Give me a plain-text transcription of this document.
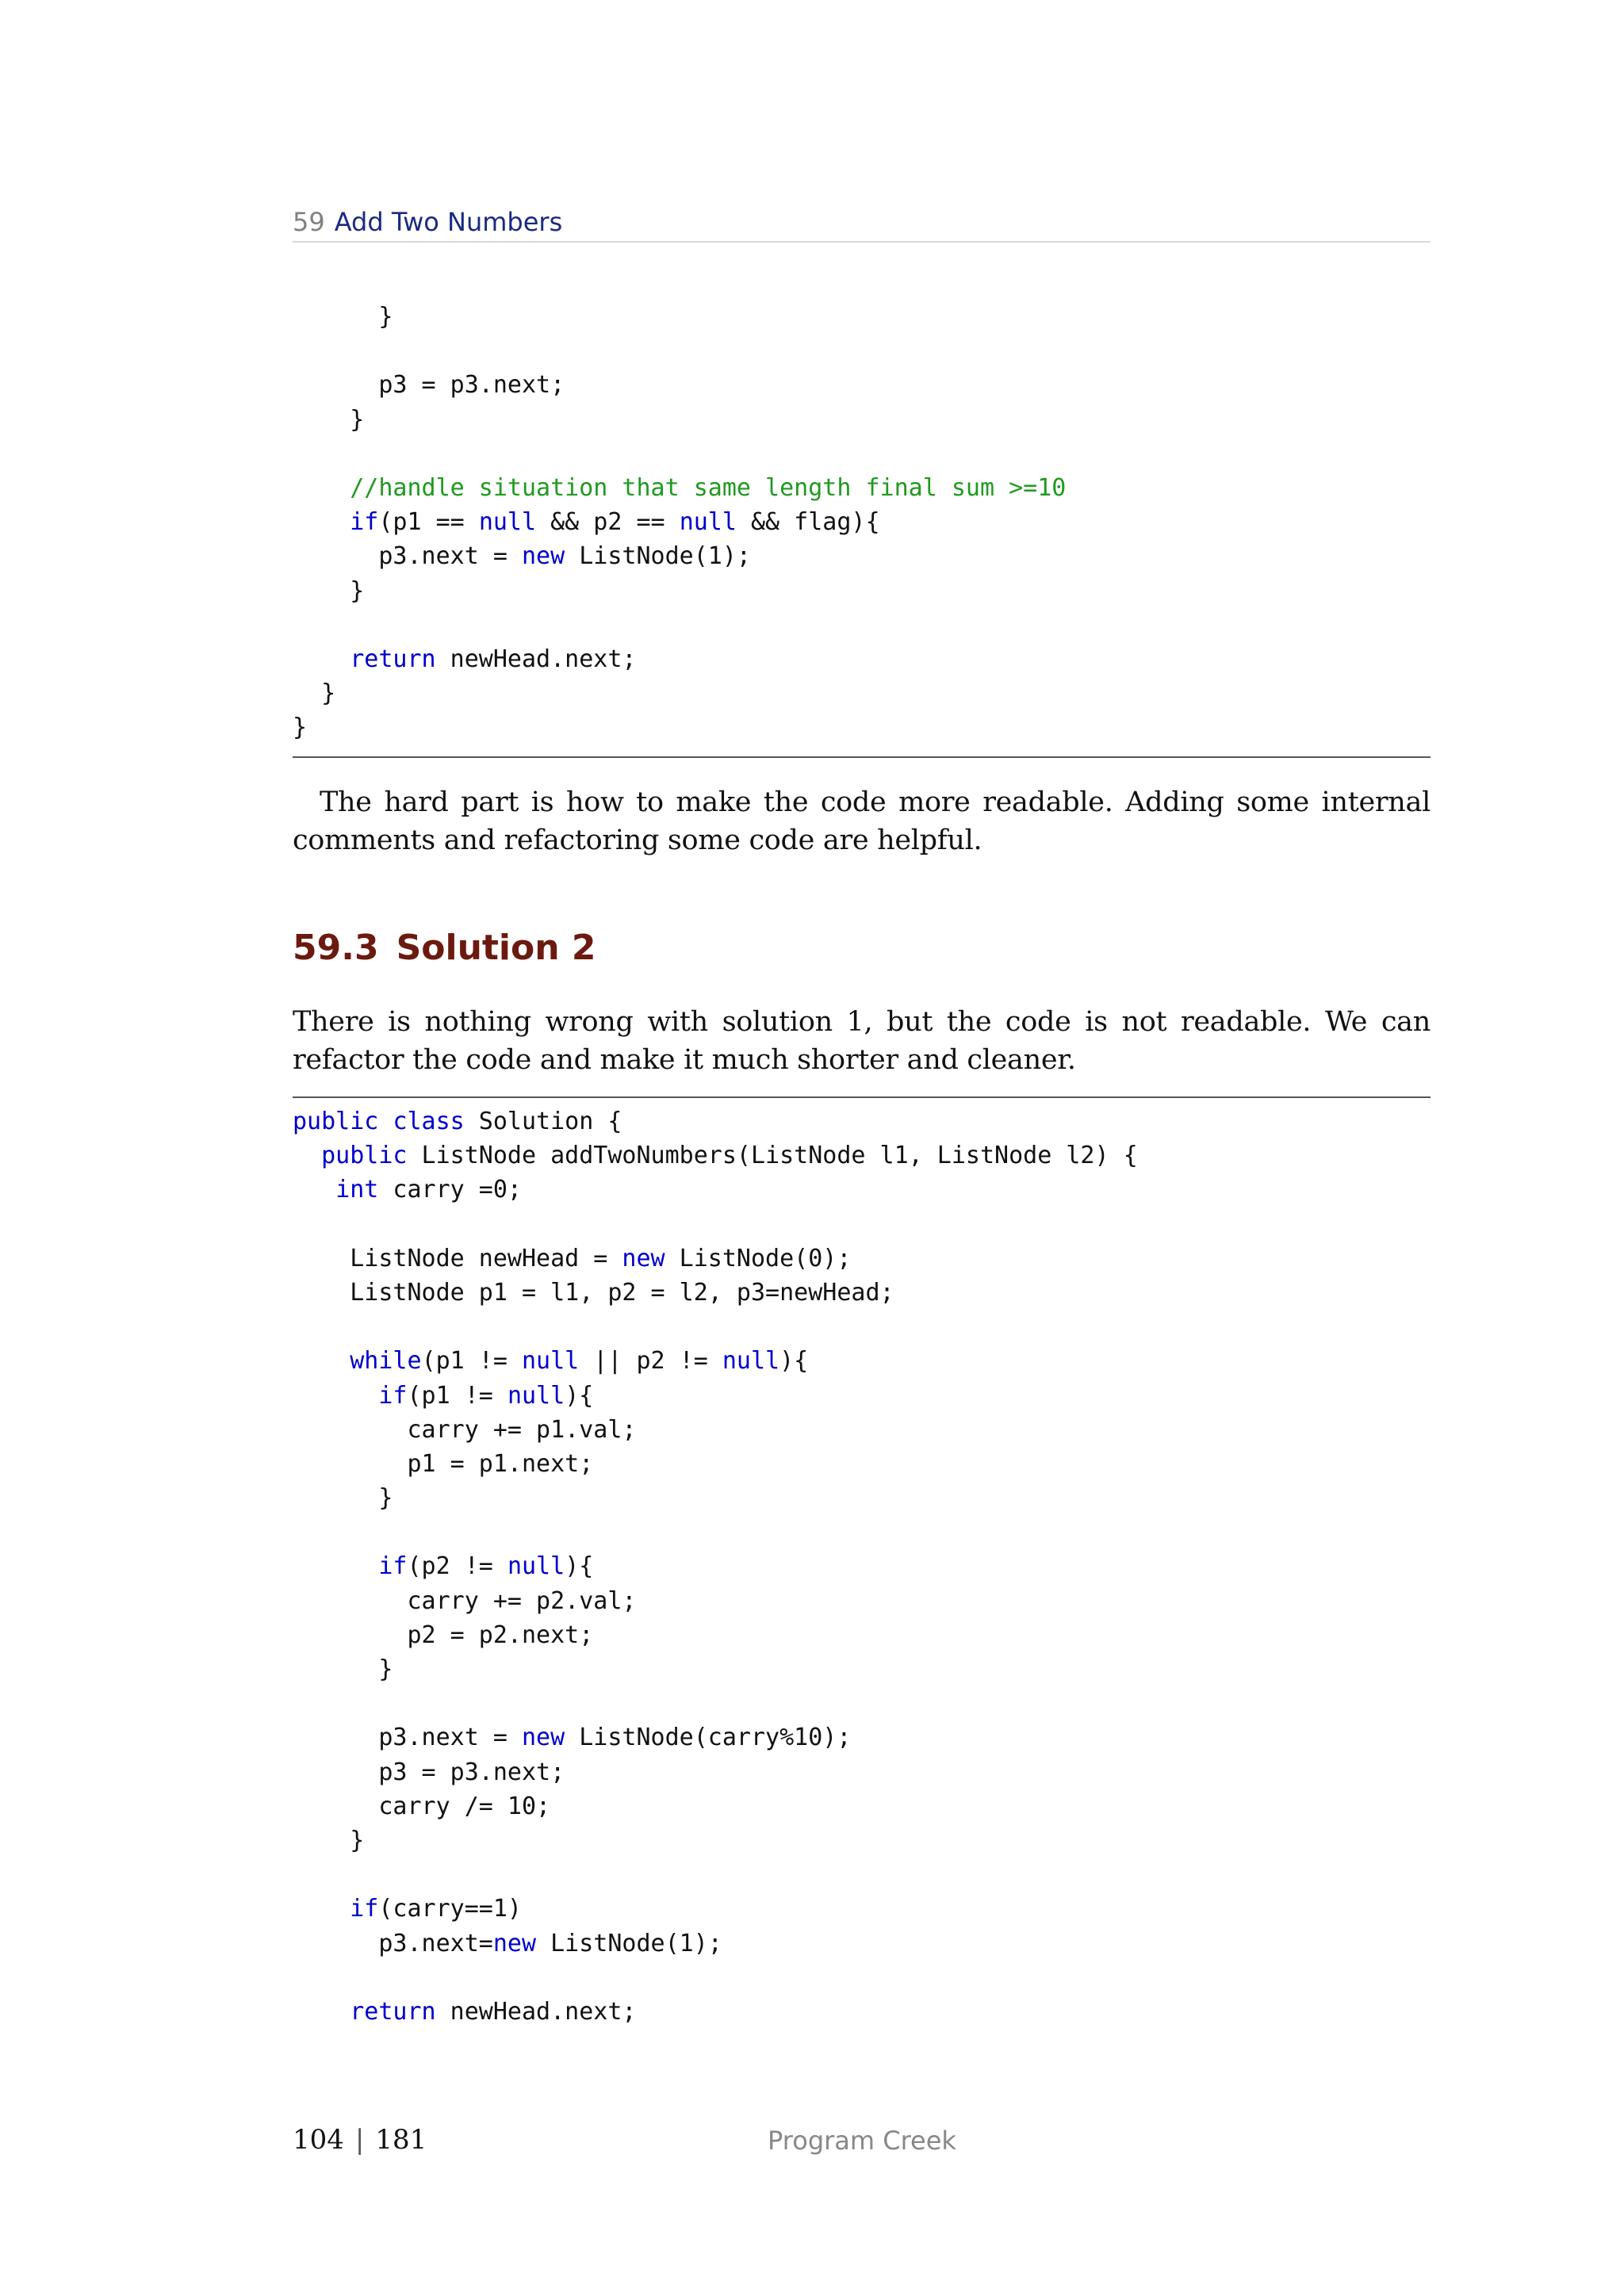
59 Add Two Numbers
}
p3 = p3.next;
}
//handle situation that same length final sum >=10
if(p1 == null && p2 == null && flag){
p3.next = new ListNode(1);
}
return newHead.next;
}
}

The hard part is how to make the code more readable. Adding some internal comments and refactoring some code are helpful.

59.3 Solution 2

There is nothing wrong with solution 1, but the code is not readable. We can refactor the code and make it much shorter and cleaner.

public class Solution {
public ListNode addTwoNumbers(ListNode l1, ListNode l2) {
int carry =0;
ListNode newHead = new ListNode(0);
ListNode p1 = l1, p2 = l2, p3=newHead;
while(p1 != null || p2 != null){
if(p1 != null){
carry += p1.val;
p1 = p1.next;
}
if(p2 != null){
carry += p2.val;
p2 = p2.next;
}
p3.next = new ListNode(carry%10);
p3 = p3.next;
carry /= 10;
}
if(carry==1)
p3.next=new ListNode(1);
return newHead.next;
104 | 181	Program Creek
